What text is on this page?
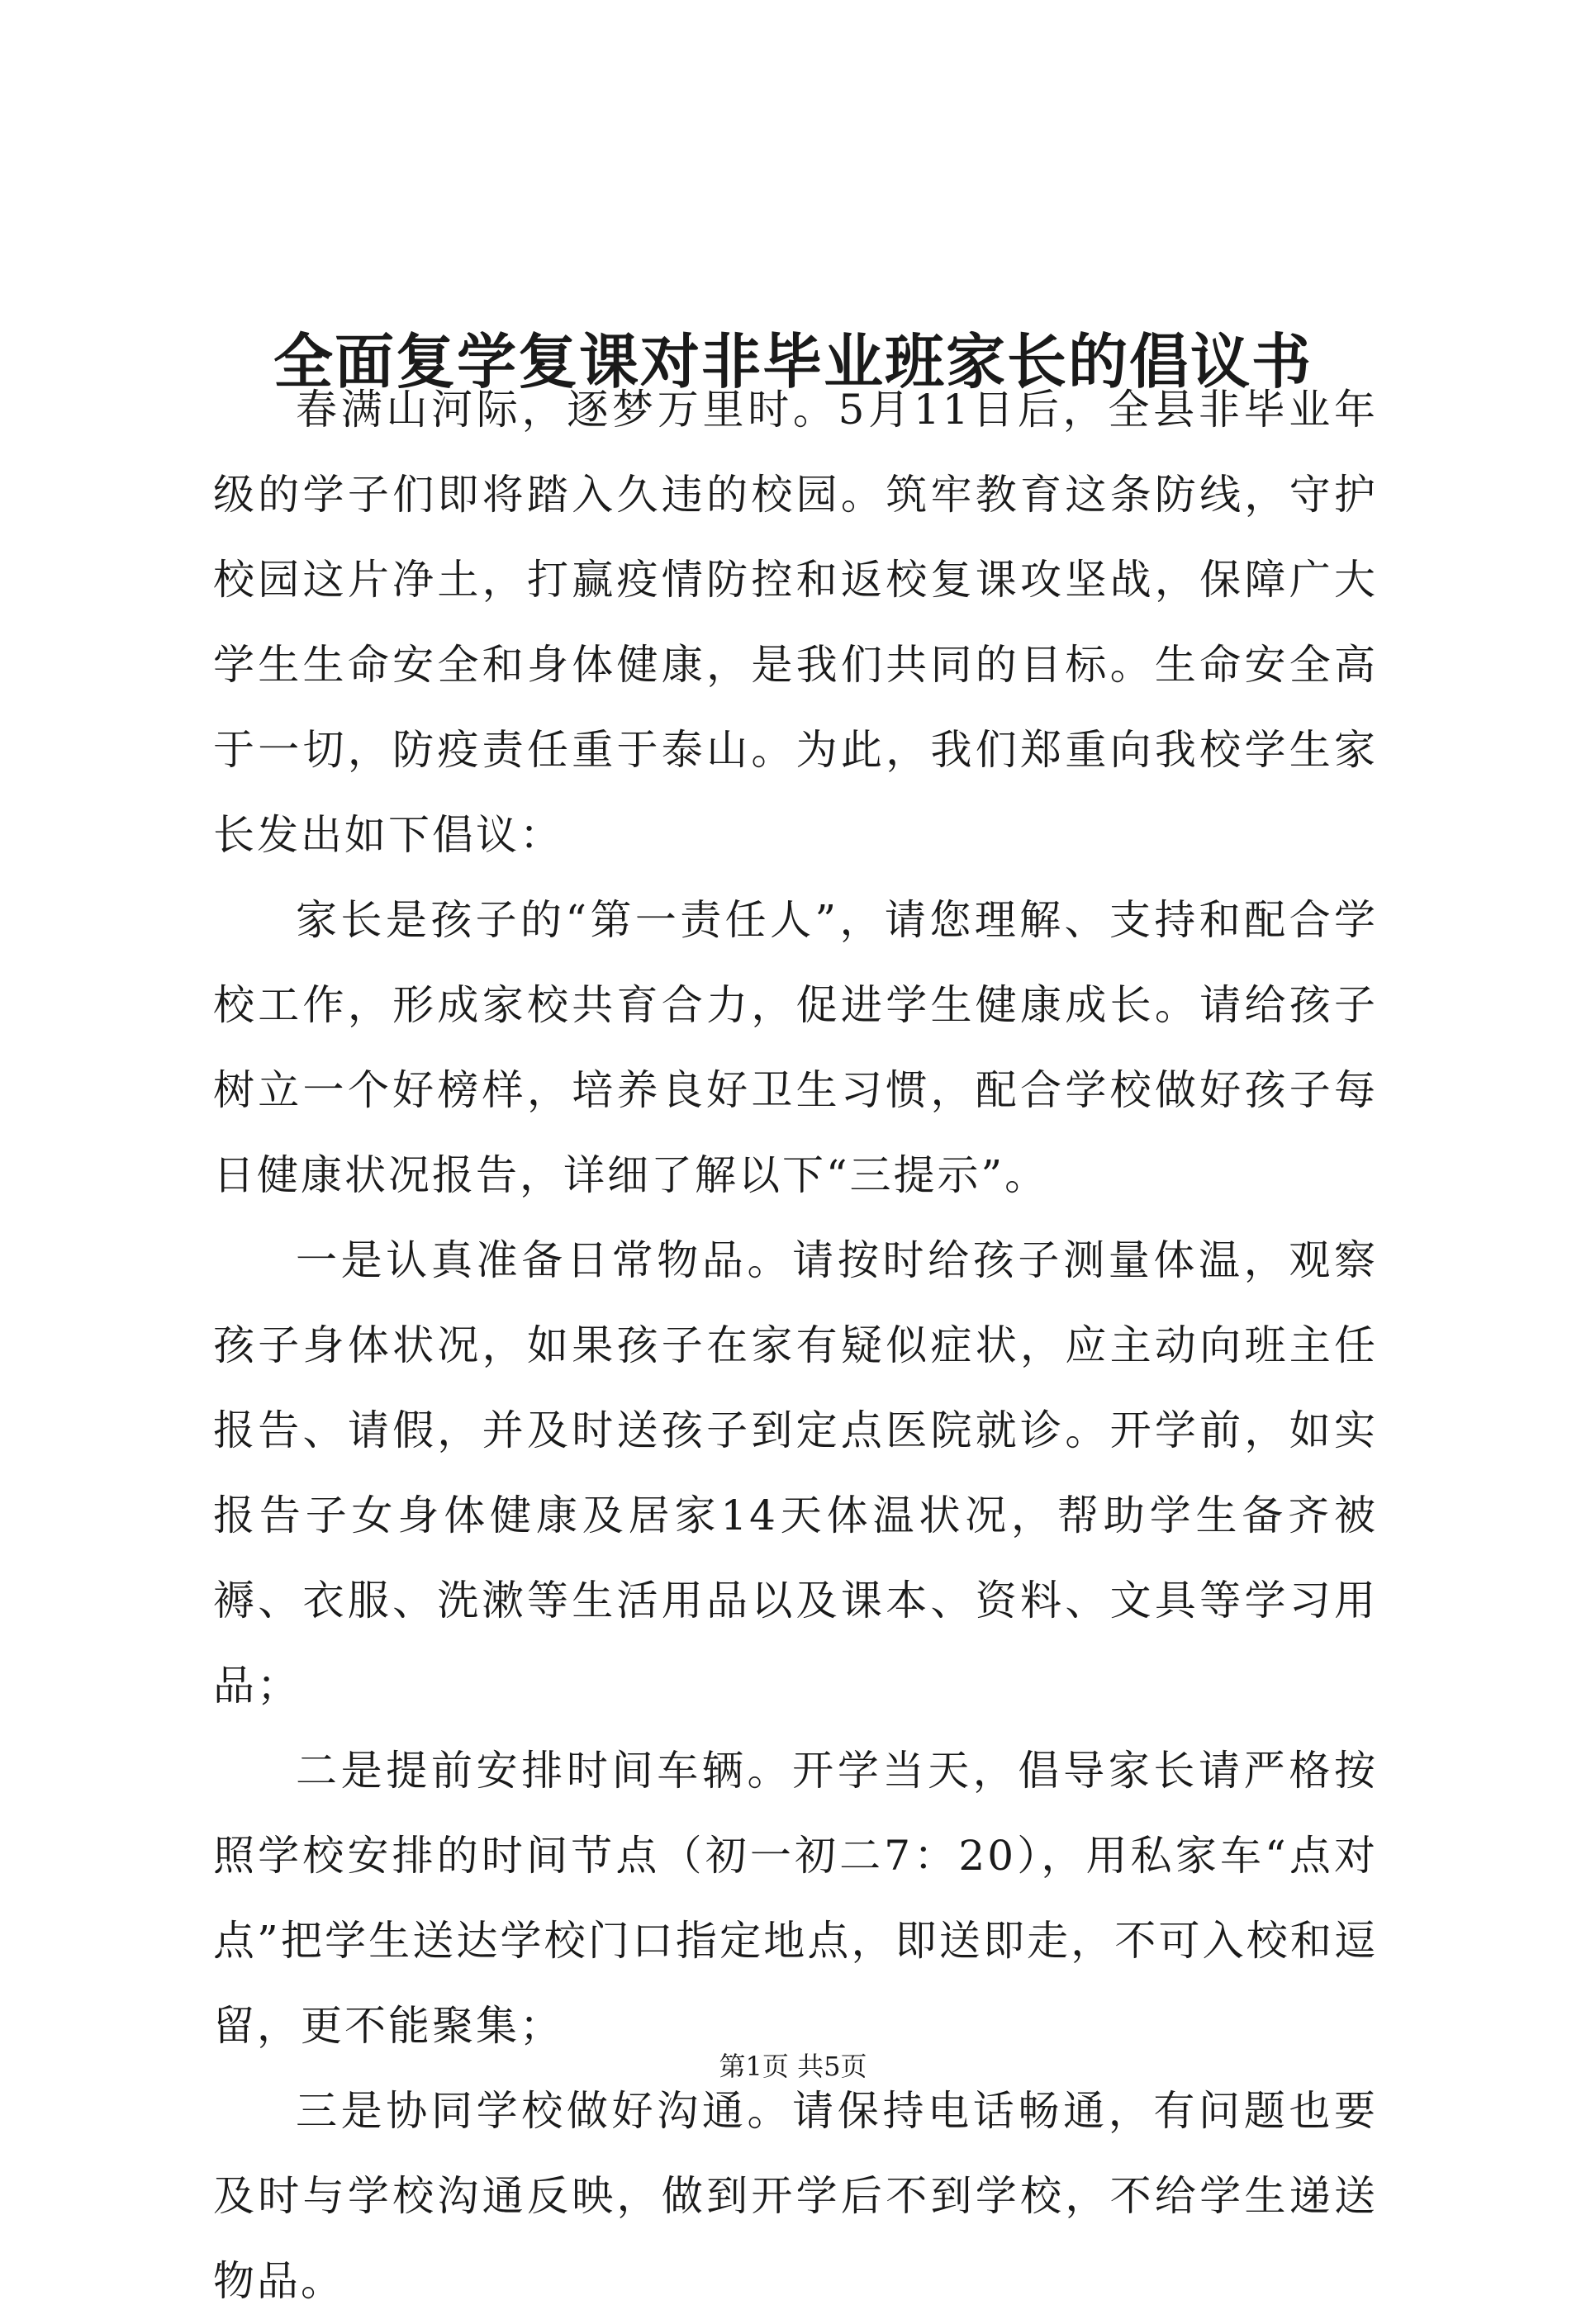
全面复学复课对非毕业班家长的倡议书

春满山河际，逐梦万里时。5月11日后，全县非毕业年级的学子们即将踏入久违的校园。筑牢教育这条防线，守护校园这片净土，打赢疫情防控和返校复课攻坚战，保障广大学生生命安全和身体健康，是我们共同的目标。生命安全高于一切，防疫责任重于泰山。为此，我们郑重向我校学生家长发出如下倡议：

家长是孩子的“第一责任人”，请您理解、支持和配合学校工作，形成家校共育合力，促进学生健康成长。请给孩子树立一个好榜样，培养良好卫生习惯，配合学校做好孩子每日健康状况报告，详细了解以下“三提示”。

一是认真准备日常物品。请按时给孩子测量体温，观察孩子身体状况，如果孩子在家有疑似症状，应主动向班主任报告、请假，并及时送孩子到定点医院就诊。开学前，如实报告子女身体健康及居家14天体温状况，帮助学生备齐被褥、衣服、洗漱等生活用品以及课本、资料、文具等学习用品；

二是提前安排时间车辆。开学当天，倡导家长请严格按照学校安排的时间节点（初一初二7：20），用私家车“点对点”把学生送达学校门口指定地点，即送即走，不可入校和逗留，更不能聚集；

三是协同学校做好沟通。请保持电话畅通，有问题也要及时与学校沟通反映，做到开学后不到学校，不给学生递送物品。

第1页 共5页
